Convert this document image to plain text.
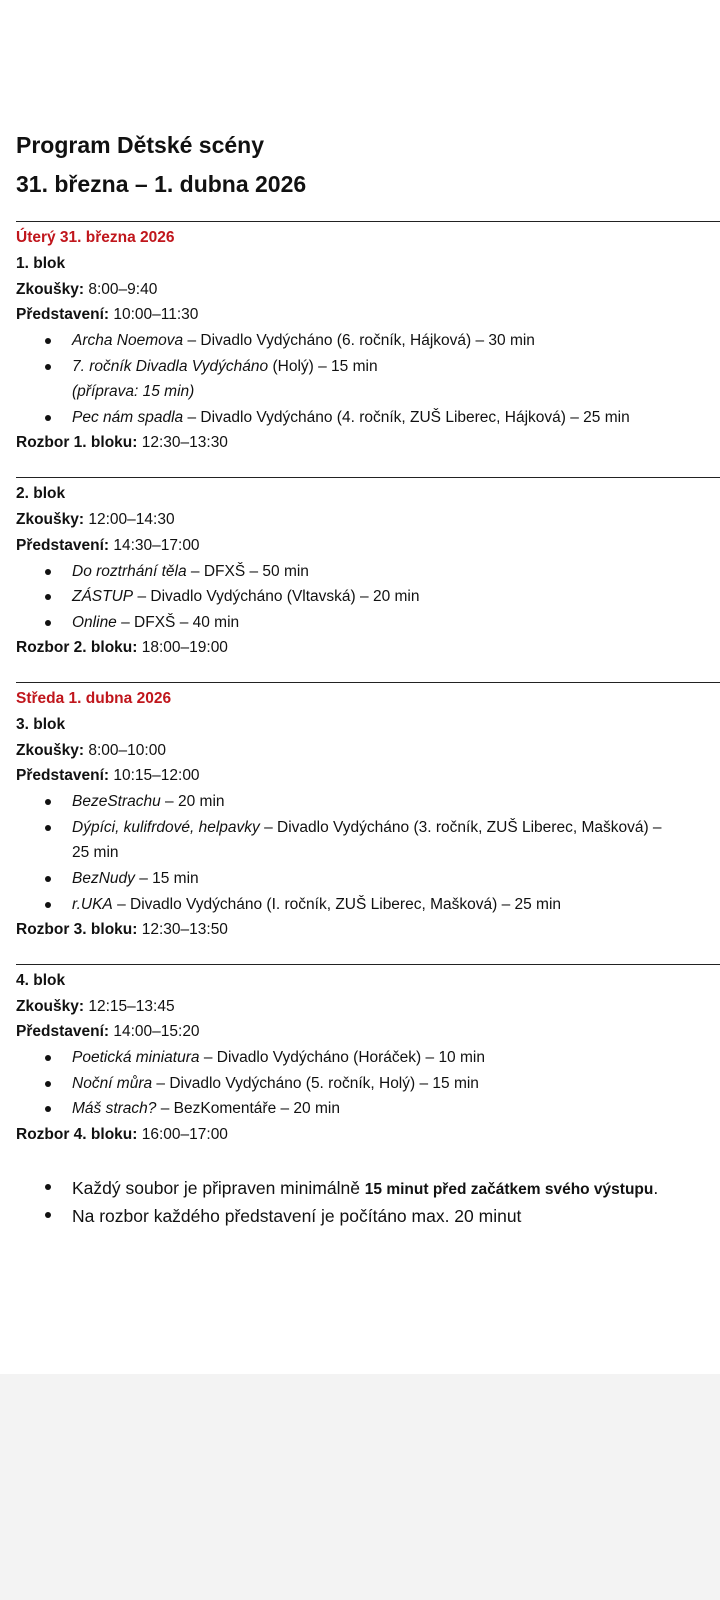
Program Dětské scény
31. března – 1. dubna 2026
Úterý 31. března 2026
1. blok
Zkoušky: 8:00–9:40
Představení: 10:00–11:30
Archa Noemova – Divadlo Vydýcháno (6. ročník, Hájková) – 30 min
7. ročník Divadla Vydýcháno (Holý) – 15 min
(příprava: 15 min)
Pec nám spadla – Divadlo Vydýcháno (4. ročník, ZUŠ Liberec, Hájková) – 25 min
Rozbor 1. bloku: 12:30–13:30
2. blok
Zkoušky: 12:00–14:30
Představení: 14:30–17:00
Do roztrhání těla – DFXŠ – 50 min
ZÁSTUP – Divadlo Vydýcháno (Vltavská) – 20 min
Online – DFXŠ – 40 min
Rozbor 2. bloku: 18:00–19:00
Středa 1. dubna 2026
3. blok
Zkoušky: 8:00–10:00
Představení: 10:15–12:00
BezeStrachu – 20 min
Dýpíci, kulifrdové, helpavky – Divadlo Vydýcháno (3. ročník, ZUŠ Liberec, Mašková) –
25 min
BezNudy – 15 min
r.UKA – Divadlo Vydýcháno (I. ročník, ZUŠ Liberec, Mašková) – 25 min
Rozbor 3. bloku: 12:30–13:50
4. blok
Zkoušky: 12:15–13:45
Představení: 14:00–15:20
Poetická miniatura – Divadlo Vydýcháno (Horáček) – 10 min
Noční můra – Divadlo Vydýcháno (5. ročník, Holý) – 15 min
Máš strach? – BezKomentáře – 20 min
Rozbor 4. bloku: 16:00–17:00
Každý soubor je připraven minimálně 15 minut před začátkem svého výstupu.
Na rozbor každého představení je počítáno max. 20 minut
